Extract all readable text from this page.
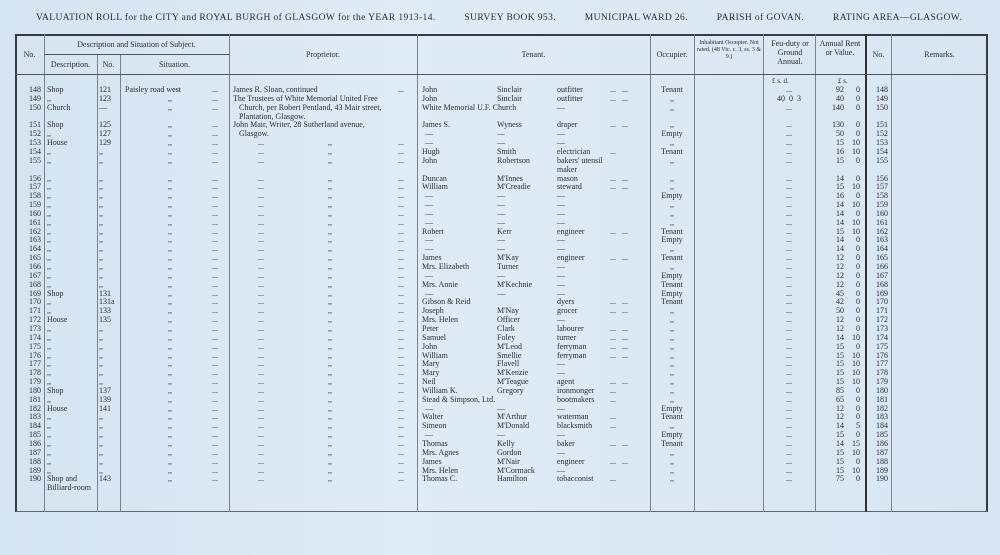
VALUATION ROLL for the CITY and ROYAL BURGH of GLASGOW for the YEAR 1913-14.	SURVEY BOOK 953.	MUNICIPAL WARD 26.	PARISH of GOVAN.	RATING AREA—GLASGOW.
No.
Description and Situation of Subject.
Description.	No.	Situation.
Proprietor.	Tenant.	Occupier.
Inhabitant Occupier. Not rated. (48 Vic. c. 3, ss. 3 & 9.)
Feu-duty or Ground Annual.
Annual Rent or Value.	No.	Remarks.
£ s. d.	£ s.
148 Shop	121 Paisley road west	... James R. Sloan, continued	... John	Sinclair	outfitter	...   ...	Tenant	...	92	0	148
149 ,,	123	,,	... The Trustees of White Memorial United Free	John	Sinclair	outfitter	...   ...	,,	40  0  3	40	0	149
150 Church	—	,,	... Church, per Robert Pentland, 43 Mair street,	White Memorial U.F. Church	—	,,	...	140	0	150
Plantation, Glasgow.
151 Shop	125	,,	... John Mair, Writer, 28 Sutherland avenue,	James S.	Wyness	draper	...   ...	,,	...	130	0	151
152 ,,	127	,,	... Glasgow.	—	—	—	Empty	...	50	0	152
153 House	129	,,	...	...	,,	...	—	—	—	,,	...	15	10	153
154 ,,	,,	,,	...	...	,,	... Hugh	Smith	electrician ...	Tenant	...	16	10	154
155 ,,	,,	,,	...	...	,,	... John	Robertson	bakers' utensil	,,	...	15	0	155
maker
156 ,,	,,	,,	...	...	,,	... Duncan	M'Innes	mason	...   ...	,,	...	14	0	156
157 ,,	,,	,,	...	...	,,	... William	M'Creadie	steward	...   ...	,,	...	15	10	157
158 ,,	,,	,,	...	...	,,	...	—	—	—	Empty	...	16	0	158
159 ,,	,,	,,	...	...	,,	...	—	—	—	,,	...	14	10	159
160 ,,	,,	,,	...	...	,,	...	—	—	—	,,	...	14	0	160
161 ,,	,,	,,	...	...	,,	...	—	—	—	,,	...	14	10	161
162 ,,	,,	,,	...	...	,,	... Robert	Kerr	engineer	...   ...	Tenant	...	15	10	162
163 ,,	,,	,,	...	...	,,	...	—	—	—	Empty	...	14	0	163
164 ,,	,,	,,	...	...	,,	...	—	—	—	,,	...	14	0	164
165 ,,	,,	,,	...	...	,,	... James	M'Kay	engineer	...   ...	Tenant	...	12	0	165
166 ,,	,,	,,	...	...	,,	... Mrs. Elizabeth	Turner	—	,,	...	12	0	166
167 ,,	,,	,,	...	...	,,	...	—	—	—	Empty	...	12	0	167
168 ,,	,,	,,	...	...	,,	... Mrs. Annie	M'Kechnie	—	Tenant	...	12	0	168
169 Shop	131	,,	...	...	,,	...	—	—	—	Empty	...	45	0	169
170 ,,	131a	,,	...	...	,,	... Gibson & Reid	dyers	...   ...	Tenant	...	42	0	170
171 ,,	133	,,	...	...	,,	... Joseph	M'Nay	grocer	...   ...	,,	...	50	0	171
172 House	135	,,	...	...	,,	... Mrs. Helen	Officer	—	,,	...	12	0	172
173 ,,	,,	,,	...	...	,,	... Peter	Clark	labourer	...   ...	,,	...	12	0	173
174 ,,	,,	,,	...	...	,,	... Samuel	Foley	turner	...   ...	,,	...	14	10	174
175 ,,	,,	,,	...	...	,,	... John	M'Leod	ferryman	...   ...	,,	...	15	0	175
176 ,,	,,	,,	...	...	,,	... William	Smellie	ferryman	...   ...	,,	...	15	10	176
177 ,,	,,	,,	...	...	,,	... Mary	Flavell	—	,,	...	15	10	177
178 ,,	,,	,,	...	...	,,	... Mary	M'Kenzie	—	,,	...	15	10	178
179 ,,	,,	,,	...	...	,,	... Neil	M'Teague	agent	...   ...	,,	...	15	10	179
180 Shop	137	,,	...	...	,,	... William K.	Gregory	ironmonger ...	,,	...	85	0	180
181 ,,	139	,,	...	...	,,	... Stead & Simpson, Ltd.	bootmakers ...	,,	...	65	0	181
182 House	141	,,	...	...	,,	...	—	—	—	Empty	...	12	0	182
183 ,,	,,	,,	...	...	,,	... Walter	M'Arthur	waterman	...	Tenant	...	12	0	183
184 ,,	,,	,,	...	...	,,	... Simeon	M'Donald	blacksmith ...	,,	...	14	5	184
185 ,,	,,	,,	...	...	,,	...	—	—	—	Empty	...	15	0	185
186 ,,	,,	,,	...	...	,,	... Thomas	Kelly	baker	...   ...	Tenant	...	14	15	186
187 ,,	,,	,,	...	...	,,	... Mrs. Agnes	Gordon	—	,,	...	15	10	187
188 ,,	,,	,,	...	...	,,	... James	M'Nair	engineer	...   ...	,,	...	15	0	188
189 ,,	,,	,,	...	...	,,	... Mrs. Helen	M'Cormack	—	,,	...	15	10	189
190 Shop and	143	,,	...	...	,,	... Thomas C.	Hamilton	tobacconist ...	,,	...	75	0	190
Billiard-room
